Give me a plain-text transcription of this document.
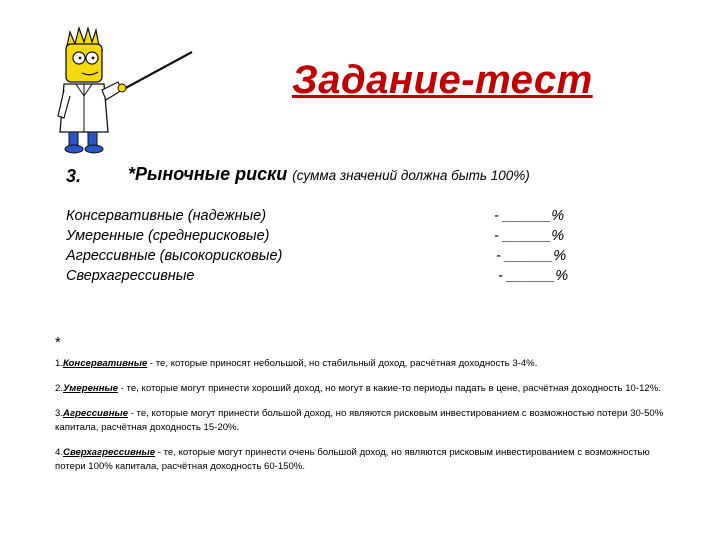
Задание-тест
3.	*Рыночные риски (сумма значений должна быть 100%)
Консервативные (надежные)	- ______%
Умеренные (среднерисковые)	- ______%
Агрессивные (высокорисковые)	- ______%
Сверхагрессивные	- ______%
*
1.Консервативные - те, которые приносят небольшой, но стабильный доход, расчётная доходность 3-4%.
2.Умеренные - те, которые могут принести хороший доход, но могут в какие-то периоды падать в цене, расчётная доходность 10-12%.
3.Агрессивные - те, которые могут принести большой доход, но являются рисковым инвестированием с возможностью потери 30-50% капитала, расчётная доходность 15-20%.
4.Сверхагрессивные - те, которые могут принести очень большой доход, но являются рисковым инвестированием с возможностью потери 100% капитала, расчётная доходность 60-150%.
